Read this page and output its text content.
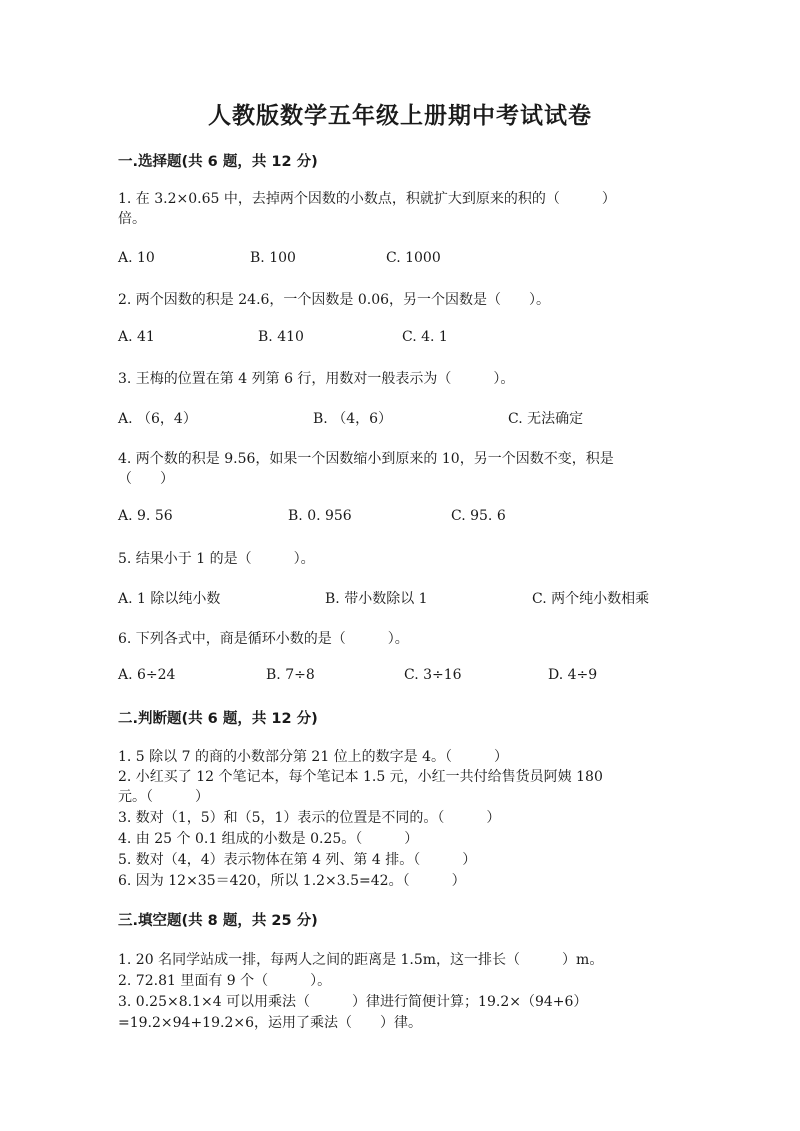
人教版数学五年级上册期中考试试卷
一.选择题(共 6 题，共 12 分)
1. 在 3.2×0.65 中，去掉两个因数的小数点，积就扩大到原来的积的（　　　）
倍。
A. 10	B. 100	C. 1000
2. 两个因数的积是 24.6，一个因数是 0.06，另一个因数是（　　）。
A. 41	B. 410	C. 4. 1
3. 王梅的位置在第 4 列第 6 行，用数对一般表示为（　　　）。
A. （6，4）	B. （4，6）	C. 无法确定
4. 两个数的积是 9.56，如果一个因数缩小到原来的 10，另一个因数不变，积是
（　　）
A. 9. 56	B. 0. 956	C. 95. 6
5. 结果小于 1 的是（　　　）。
A. 1 除以纯小数	B. 带小数除以 1	C. 两个纯小数相乘
6. 下列各式中，商是循环小数的是（　　　）。
A. 6÷24	B. 7÷8	C. 3÷16	D. 4÷9
二.判断题(共 6 题，共 12 分)
1. 5 除以 7 的商的小数部分第 21 位上的数字是 4。（　　　）
2. 小红买了 12 个笔记本，每个笔记本 1.5 元，小红一共付给售货员阿姨 180
元。（　　　）
3. 数对（1，5）和（5，1）表示的位置是不同的。（　　　）
4. 由 25 个 0.1 组成的小数是 0.25。（　　　）
5. 数对（4，4）表示物体在第 4 列、第 4 排。（　　　）
6. 因为 12×35＝420，所以 1.2×3.5=42。（　　　）
三.填空题(共 8 题，共 25 分)
1. 20 名同学站成一排，每两人之间的距离是 1.5m，这一排长（　　　）m。
2. 72.81 里面有 9 个（　　　）。
3. 0.25×8.1×4 可以用乘法（　　　）律进行简便计算；19.2×（94+6）
=19.2×94+19.2×6，运用了乘法（　　）律。
